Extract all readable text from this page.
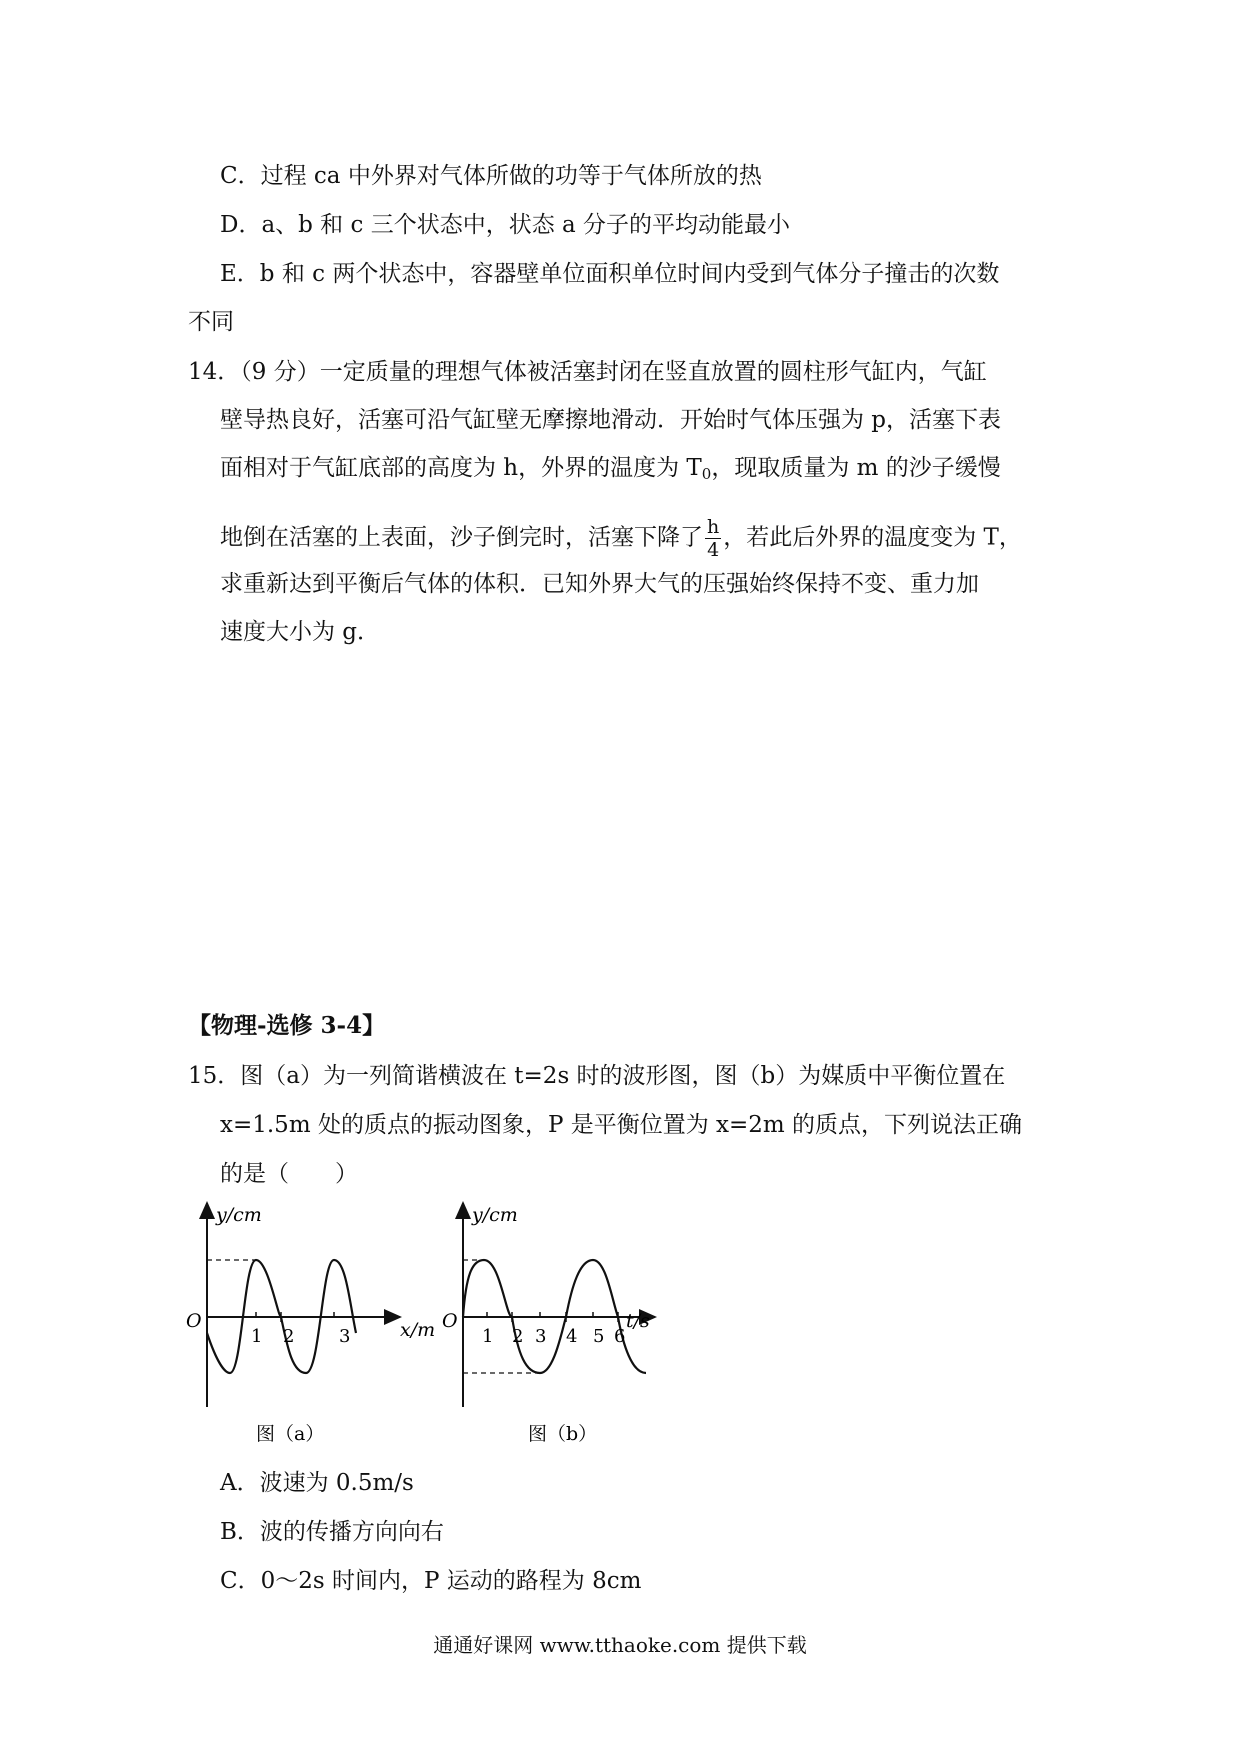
C．过程 ca 中外界对气体所做的功等于气体所放的热
D．a、b 和 c 三个状态中，状态 a 分子的平均动能最小
E．b 和 c 两个状态中，容器壁单位面积单位时间内受到气体分子撞击的次数
不同
14．（9 分）一定质量的理想气体被活塞封闭在竖直放置的圆柱形气缸内，气缸
壁导热良好，活塞可沿气缸壁无摩擦地滑动．开始时气体压强为 p，活塞下表
面相对于气缸底部的高度为 h，外界的温度为 $T_0$，现取质量为 m 的沙子缓慢
地倒在活塞的上表面，沙子倒完时，活塞下降了 $\frac{h}{4}$ ，若此后外界的温度变为 T，
求重新达到平衡后气体的体积．已知外界大气的压强始终保持不变、重力加
速度大小为 g．
【物理-选修 3-4】
15．图（a）为一列简谐横波在 t=2s 时的波形图，图（b）为媒质中平衡位置在
x=1.5m 处的质点的振动图象，P 是平衡位置为 x=2m 的质点，下列说法正确
的是（　　）
y/cm
O	x/m
1 2 3
图（a）
y/cm
O	t/s
1 2 3 4 5 6
图（b）
A．波速为 0.5m/s
B．波的传播方向向右
C．0～2s 时间内，P 运动的路程为 8cm
通通好课网 www.tthaoke.com 提供下载
